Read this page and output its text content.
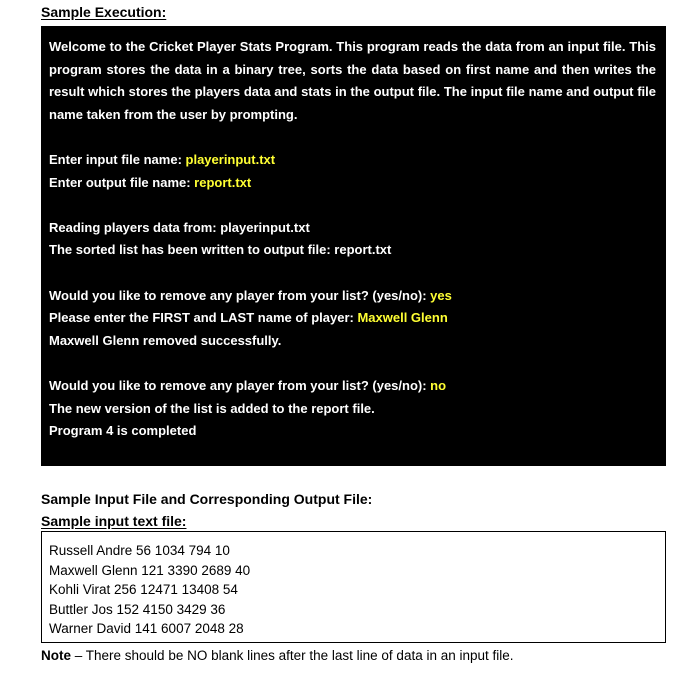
Sample Execution:

Welcome to the Cricket Player Stats Program. This program reads the data from an input file. This program stores the data in a binary tree, sorts the data based on first name and then writes the result which stores the players data and stats in the output file. The input file name and output file name taken from the user by prompting.

Enter input file name: playerinput.txt
Enter output file name: report.txt
Reading players data from: playerinput.txt
The sorted list has been written to output file: report.txt
Would you like to remove any player from your list? (yes/no): yes
Please enter the FIRST and LAST name of player: Maxwell Glenn
Maxwell Glenn removed successfully.
Would you like to remove any player from your list? (yes/no): no
The new version of the list is added to the report file.
Program 4 is completed
Sample Input File and Corresponding Output File:
Sample input text file:
Russell Andre 56 1034 794 10
Maxwell Glenn 121 3390 2689 40
Kohli Virat 256 12471 13408 54
Buttler Jos 152 4150 3429 36
Warner David 141 6007 2048 28
Note – There should be NO blank lines after the last line of data in an input file.
